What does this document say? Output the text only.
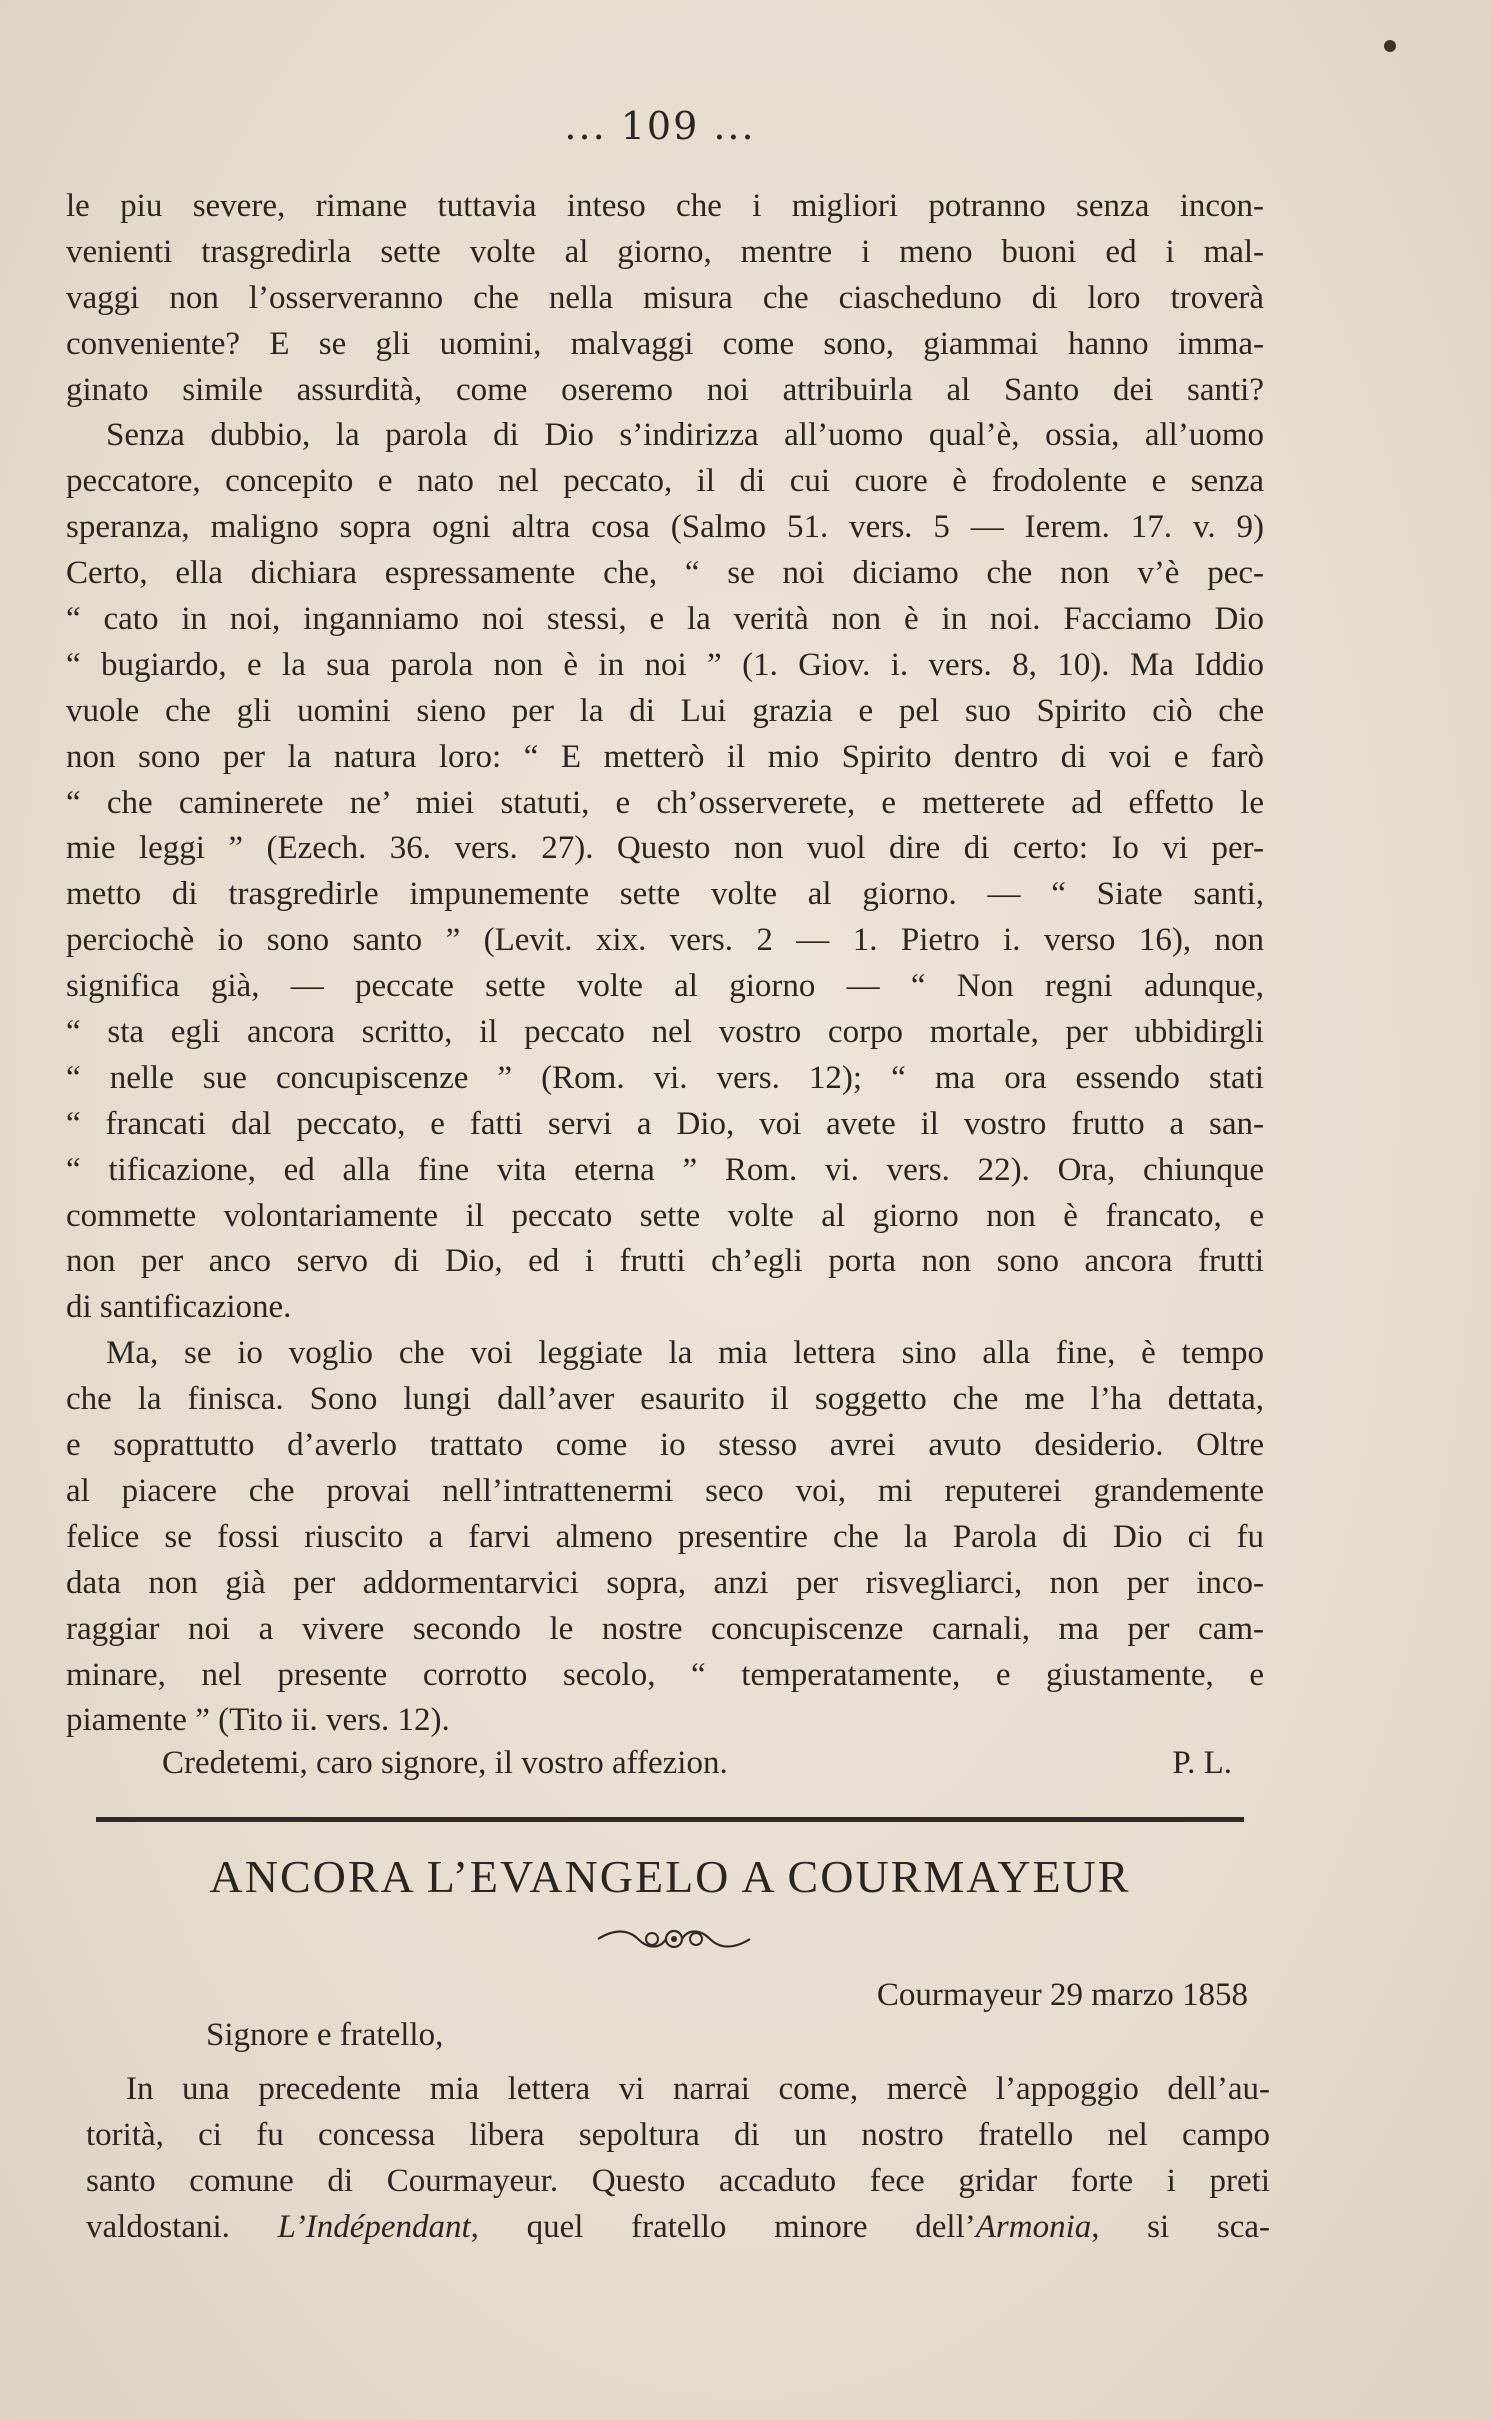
... 109 ...
le piu severe, rimane tuttavia inteso che i migliori potranno senza incon-
venienti trasgredirla sette volte al giorno, mentre i meno buoni ed i mal-
vaggi non l’osserveranno che nella misura che ciascheduno di loro troverà
conveniente? E se gli uomini, malvaggi come sono, giammai hanno imma-
ginato simile assurdità, come oseremo noi attribuirla al Santo dei santi?
Senza dubbio, la parola di Dio s’indirizza all’uomo qual’è, ossia, all’uomo
peccatore, concepito e nato nel peccato, il di cui cuore è frodolente e senza
speranza, maligno sopra ogni altra cosa (Salmo 51. vers. 5 — Ierem. 17. v. 9)
Certo, ella dichiara espressamente che, “ se noi diciamo che non v’è pec-
“ cato in noi, inganniamo noi stessi, e la verità non è in noi. Facciamo Dio
“ bugiardo, e la sua parola non è in noi ” (1. Giov. i. vers. 8, 10). Ma Iddio
vuole che gli uomini sieno per la di Lui grazia e pel suo Spirito ciò che
non sono per la natura loro: “ E metterò il mio Spirito dentro di voi e farò
“ che caminerete ne’ miei statuti, e ch’osserverete, e metterete ad effetto le
mie leggi ” (Ezech. 36. vers. 27). Questo non vuol dire di certo: Io vi per-
metto di trasgredirle impunemente sette volte al giorno. — “ Siate santi,
perciochè io sono santo ” (Levit. xix. vers. 2 — 1. Pietro i. verso 16), non
significa già, — peccate sette volte al giorno — “ Non regni adunque,
“ sta egli ancora scritto, il peccato nel vostro corpo mortale, per ubbidirgli
“ nelle sue concupiscenze ” (Rom. vi. vers. 12); “ ma ora essendo stati
“ francati dal peccato, e fatti servi a Dio, voi avete il vostro frutto a san-
“ tificazione, ed alla fine vita eterna ” Rom. vi. vers. 22). Ora, chiunque
commette volontariamente il peccato sette volte al giorno non è francato, e
non per anco servo di Dio, ed i frutti ch’egli porta non sono ancora frutti
di santificazione.
Ma, se io voglio che voi leggiate la mia lettera sino alla fine, è tempo
che la finisca. Sono lungi dall’aver esaurito il soggetto che me l’ha dettata,
e soprattutto d’averlo trattato come io stesso avrei avuto desiderio. Oltre
al piacere che provai nell’intrattenermi seco voi, mi reputerei grandemente
felice se fossi riuscito a farvi almeno presentire che la Parola di Dio ci fu
data non già per addormentarvici sopra, anzi per risvegliarci, non per inco-
raggiar noi a vivere secondo le nostre concupiscenze carnali, ma per cam-
minare, nel presente corrotto secolo, “ temperatamente, e giustamente, e
piamente ” (Tito ii. vers. 12).
Credetemi, caro signore, il vostro affezion.	P. L.
ANCORA L’EVANGELO A COURMAYEUR
Courmayeur 29 marzo 1858
Signore e fratello,
In una precedente mia lettera vi narrai come, mercè l’appoggio dell’au-
torità, ci fu concessa libera sepoltura di un nostro fratello nel campo
santo comune di Courmayeur. Questo accaduto fece gridar forte i preti
valdostani. L’Indépendant, quel fratello minore dell’Armonia, si sca-
